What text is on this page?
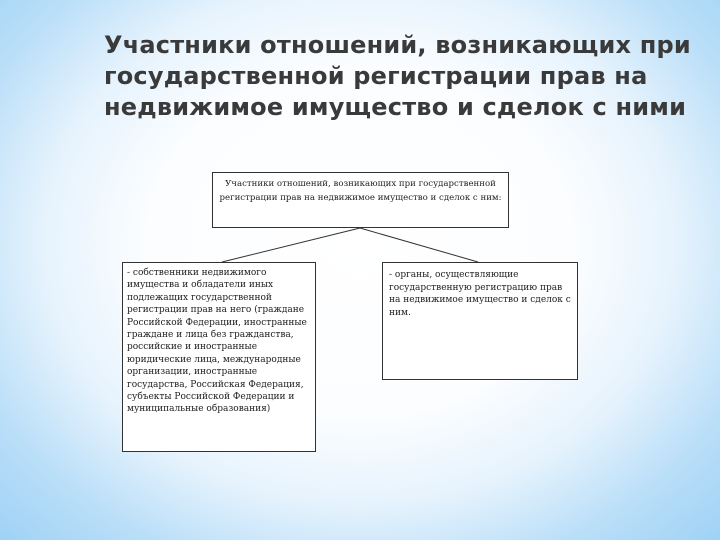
Участники отношений, возникающих при государственной регистрации прав на недвижимое имущество и сделок с ними
Участники отношений, возникающих при государственной регистрации прав на недвижимое имущество и сделок с ним:
- собственники недвижимого имущества и обладатели иных подлежащих государственной регистрации прав на него (граждане Российской Федерации, иностранные граждане и лица без гражданства, российские и иностранные юридические лица, международные организации, иностранные государства, Российская Федерация, субъекты Российской Федерации и муниципальные образования)
- органы, осуществляющие государственную регистрацию прав на недвижимое имущество и сделок с ним.
